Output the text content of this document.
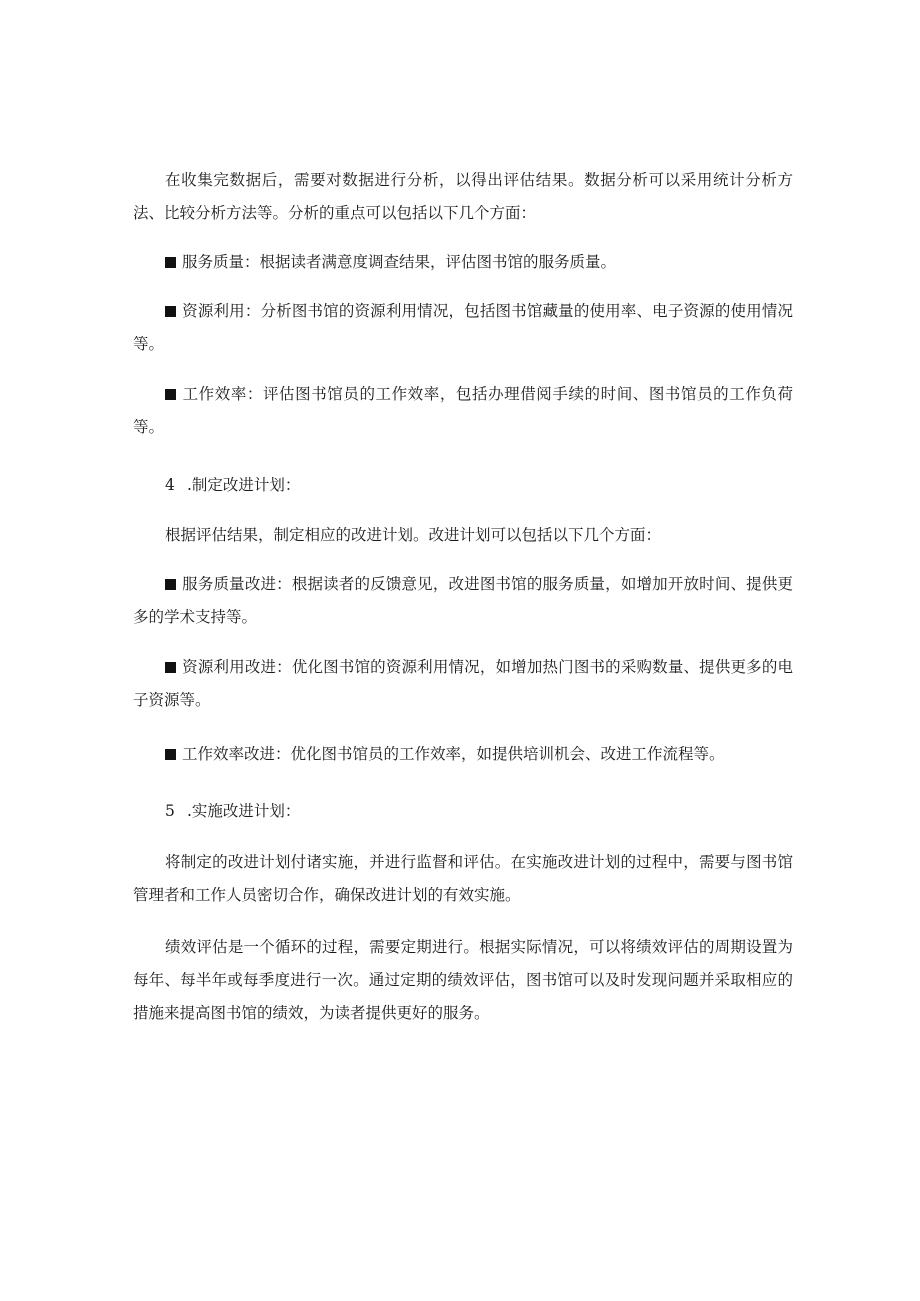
在收集完数据后，需要对数据进行分析，以得出评估结果。数据分析可以采用统计分析方法、比较分析方法等。分析的重点可以包括以下几个方面：

服务质量：根据读者满意度调查结果，评估图书馆的服务质量。

资源利用：分析图书馆的资源利用情况，包括图书馆藏量的使用率、电子资源的使用情况等。

工作效率：评估图书馆员的工作效率，包括办理借阅手续的时间、图书馆员的工作负荷等。

4 .制定改进计划：

根据评估结果，制定相应的改进计划。改进计划可以包括以下几个方面：

服务质量改进：根据读者的反馈意见，改进图书馆的服务质量，如增加开放时间、提供更多的学术支持等。

资源利用改进：优化图书馆的资源利用情况，如增加热门图书的采购数量、提供更多的电子资源等。

工作效率改进：优化图书馆员的工作效率，如提供培训机会、改进工作流程等。

5 .实施改进计划：

将制定的改进计划付诸实施，并进行监督和评估。在实施改进计划的过程中，需要与图书馆管理者和工作人员密切合作，确保改进计划的有效实施。

绩效评估是一个循环的过程，需要定期进行。根据实际情况，可以将绩效评估的周期设置为每年、每半年或每季度进行一次。通过定期的绩效评估，图书馆可以及时发现问题并采取相应的措施来提高图书馆的绩效，为读者提供更好的服务。
